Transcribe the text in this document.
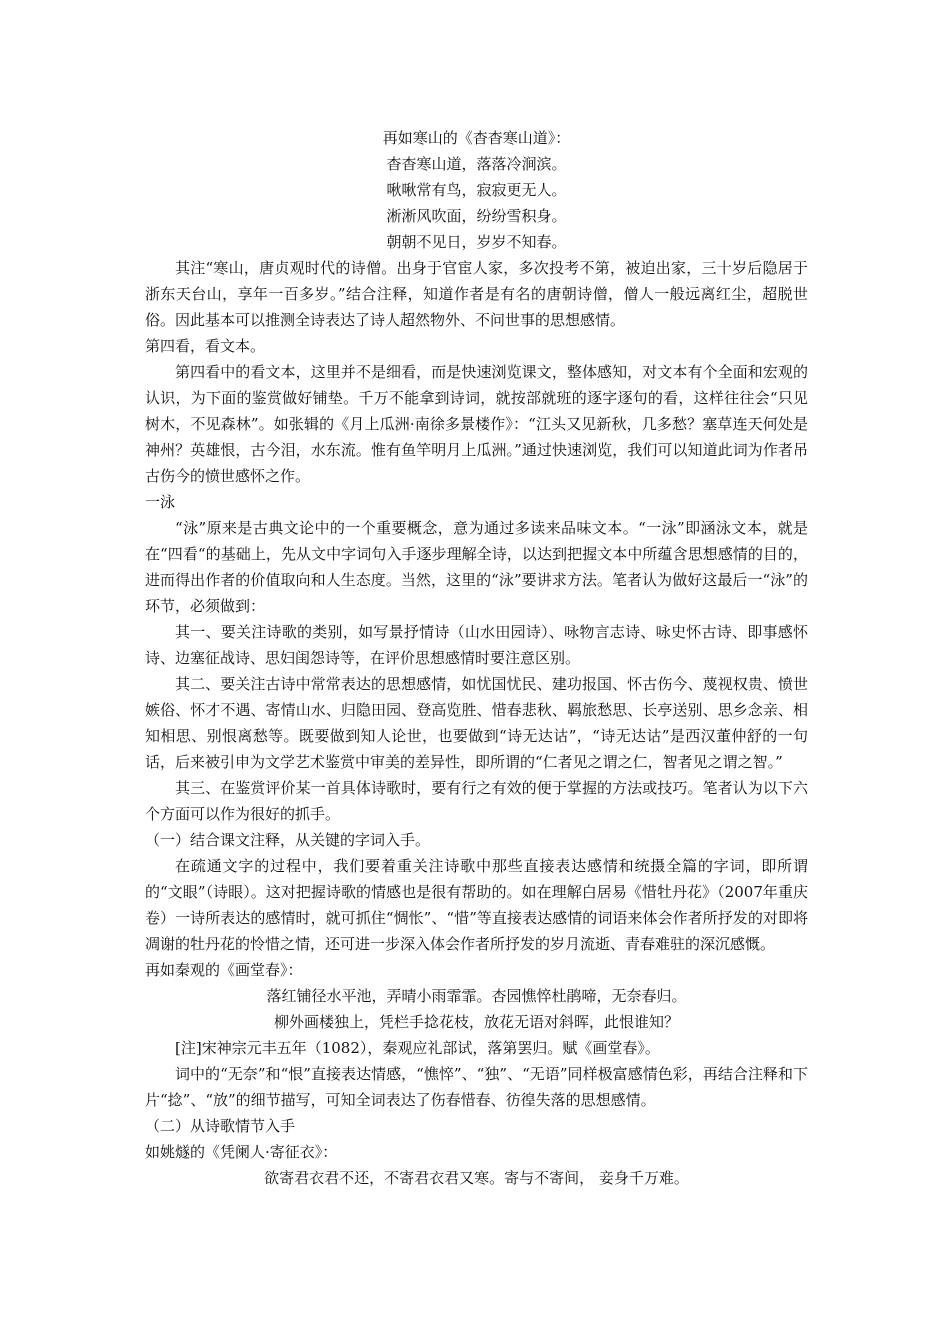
再如寒山的《杳杳寒山道》：

杳杳寒山道，落落冷涧滨。

啾啾常有鸟，寂寂更无人。

淅淅风吹面，纷纷雪积身。

朝朝不见日，岁岁不知春。

其注“寒山，唐贞观时代的诗僧。出身于官宦人家，多次投考不第，被迫出家，三十岁后隐居于浙东天台山，享年一百多岁。”结合注释，知道作者是有名的唐朝诗僧，僧人一般远离红尘，超脱世俗。因此基本可以推测全诗表达了诗人超然物外、不问世事的思想感情。

第四看，看文本。

第四看中的看文本，这里并不是细看，而是快速浏览课文，整体感知，对文本有个全面和宏观的认识，为下面的鉴赏做好铺垫。千万不能拿到诗词，就按部就班的逐字逐句的看，这样往往会“只见树木，不见森林”。如张辑的《月上瓜洲·南徐多景楼作》：“江头又见新秋，几多愁？塞草连天何处是神州？英雄恨，古今泪，水东流。惟有鱼竿明月上瓜洲。”通过快速浏览，我们可以知道此词为作者吊古伤今的愤世感怀之作。

一泳

“泳”原来是古典文论中的一个重要概念，意为通过多读来品味文本。“一泳”即涵泳文本，就是在“四看“的基础上，先从文中字词句入手逐步理解全诗，以达到把握文本中所蕴含思想感情的目的，进而得出作者的价值取向和人生态度。当然，这里的“泳”要讲求方法。笔者认为做好这最后一“泳”的环节，必须做到：

其一、要关注诗歌的类别，如写景抒情诗（山水田园诗）、咏物言志诗、咏史怀古诗、即事感怀诗、边塞征战诗、思妇闺怨诗等，在评价思想感情时要注意区别。

其二、要关注古诗中常常表达的思想感情，如忧国忧民、建功报国、怀古伤今、蔑视权贵、愤世嫉俗、怀才不遇、寄情山水、归隐田园、登高览胜、惜春悲秋、羁旅愁思、长亭送别、思乡念亲、相知相思、别恨离愁等。既要做到知人论世，也要做到“诗无达诂”，“诗无达诂”是西汉董仲舒的一句话，后来被引申为文学艺术鉴赏中审美的差异性，即所谓的“仁者见之谓之仁，智者见之谓之智。”

其三、在鉴赏评价某一首具体诗歌时，要有行之有效的便于掌握的方法或技巧。笔者认为以下六个方面可以作为很好的抓手。

（一）结合课文注释，从关键的字词入手。

在疏通文字的过程中，我们要着重关注诗歌中那些直接表达感情和统摄全篇的字词，即所谓的“文眼”（诗眼）。这对把握诗歌的情感也是很有帮助的。如在理解白居易《惜牡丹花》（2007年重庆卷）一诗所表达的感情时，就可抓住“惆怅”、“惜”等直接表达感情的词语来体会作者所抒发的对即将凋谢的牡丹花的怜惜之情，还可进一步深入体会作者所抒发的岁月流逝、青春难驻的深沉感慨。

再如秦观的《画堂春》：

落红铺径水平池，弄晴小雨霏霏。杏园憔悴杜鹃啼，无奈春归。

柳外画楼独上，凭栏手捻花枝，放花无语对斜晖，此恨谁知？

[注]宋神宗元丰五年（1082），秦观应礼部试，落第罢归。赋《画堂春》。

词中的“无奈”和“恨”直接表达情感，“憔悴”、“独”、“无语”同样极富感情色彩，再结合注释和下片“捻”、“放”的细节描写，可知全词表达了伤春惜春、彷徨失落的思想感情。

（二）从诗歌情节入手

如姚燧的《凭阑人·寄征衣》：

欲寄君衣君不还，不寄君衣君又寒。寄与不寄间， 妾身千万难。
